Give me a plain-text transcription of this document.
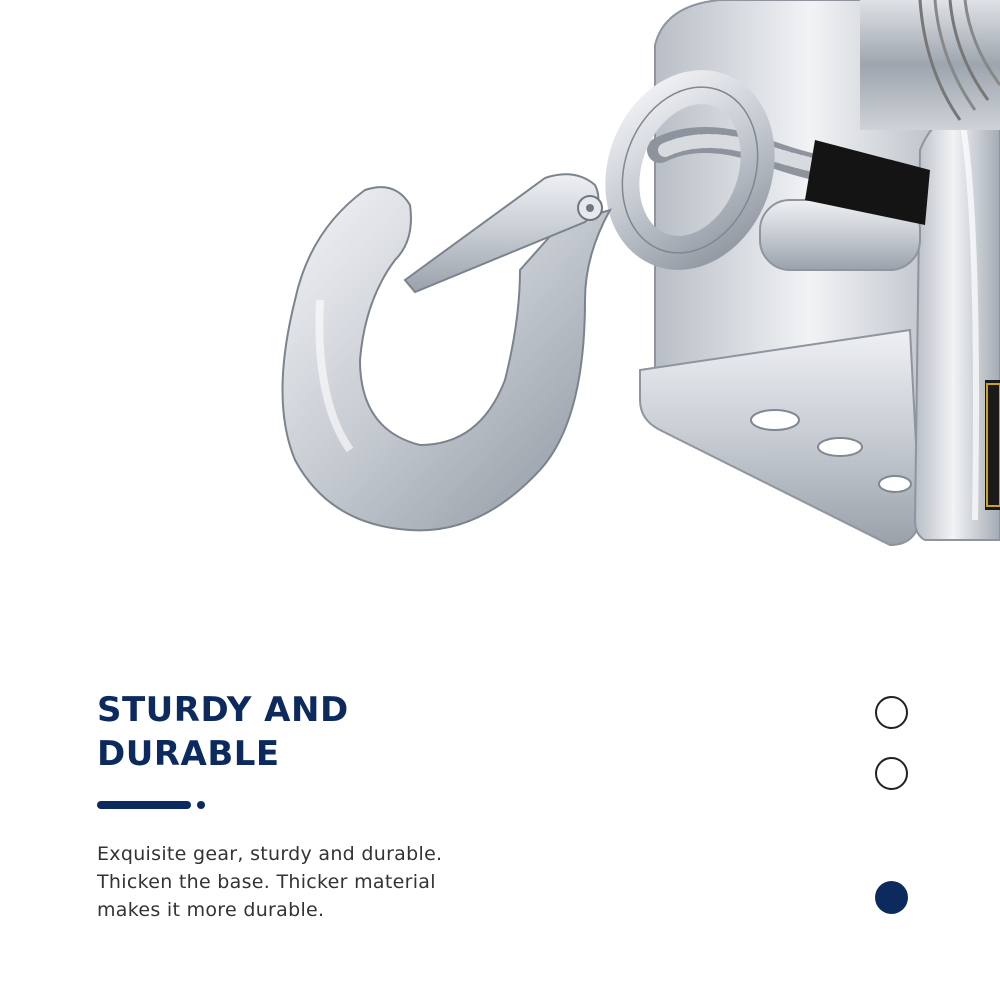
STURDY AND
DURABLE
Exquisite gear, sturdy and durable.
Thicken the base. Thicker material
makes it more durable.
